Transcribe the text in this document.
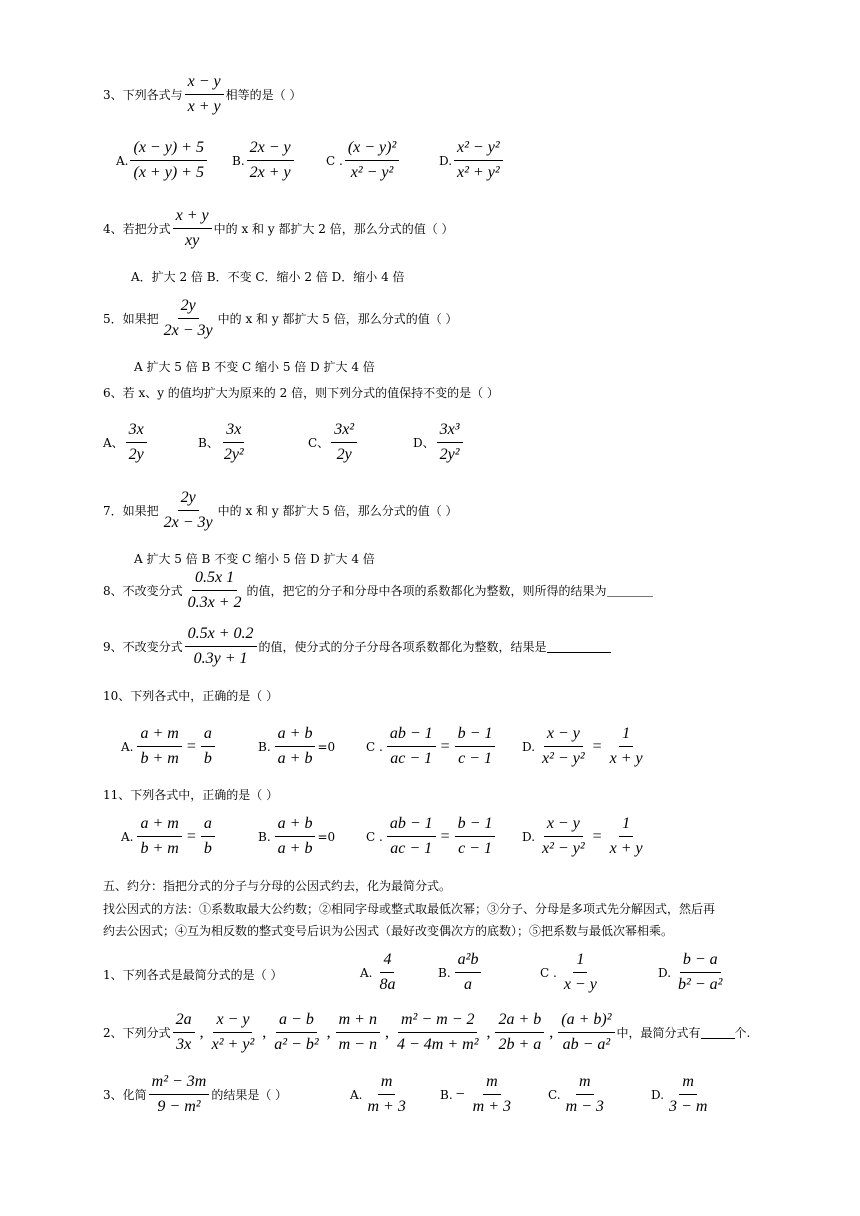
3、下列各式与 $\frac{x - y}{x + y}$ 相等的是（ ）
A. $\frac{(x - y) + 5}{(x + y) + 5} B$. $\frac{2x - y}{2x + y}$	C . $\frac{\text{(x − y)²}}{\text{x² − y²}}$	D. $\frac{\text{x² − y²}}{\text{x² + y²}}$
4、若把分式 $\frac{x + y}{xy}$ 中的 x 和 y 都扩大 2 倍，那么分式的值（ ）
A．扩大 2 倍 B．不变 C．缩小 2 倍 D．缩小 4 倍
5．如果把 $\frac{2y}{2x - 3y}$ 中的 x 和 y 都扩大 5 倍，那么分式的值（ ）
A 扩大 5 倍 B 不变 C 缩小 5 倍 D 扩大 4 倍
6、若 x、y 的值均扩大为原来的 2 倍，则下列分式的值保持不变的是（ ）
A、 $\frac{3x}{2y}$	B、 $\frac{3x}{\text{2y²}}$	C、 $\frac{\text{3x²}}{2y}$	D、 $\frac{\text{3x³}}{\text{2y²}}$
7．如果把 $\frac{2y}{2x - 3y}$ 中的 x 和 y 都扩大 5 倍，那么分式的值（ ）
A 扩大 5 倍 B 不变 C 缩小 5 倍 D 扩大 4 倍
8、不改变分式 $\frac{0.5x 1}{0.3x + 2}$ 的值，把它的分子和分母中各项的系数都化为整数，则所得的结果为
9、不改变分式 $\frac{0.5x + 0.2}{0.3y + 1}$ 的值，使分式的分子分母各项系数都化为整数，结果是
10、下列各式中，正确的是（ ）
A. $\frac{a + m}{b + m} = \frac{a}{b}$	B. $\frac{a + b}{a + b} =0$	C . $\frac{ab - 1}{ac - 1} = \frac{b - 1}{c - 1} D$. $\frac{x - y}{\text{x² − y²}} = \frac{1}{x + y}$
11、下列各式中，正确的是（ ）
A. $\frac{a + m}{b + m} = \frac{a}{b}$	B. $\frac{a + b}{a + b} =0$	C . $\frac{ab - 1}{ac - 1} = \frac{b - 1}{c - 1} D$. $\frac{x - y}{\text{x² − y²}} = \frac{1}{x + y}$
五、约分：指把分式的分子与分母的公因式约去，化为最简分式。
找公因式的方法：①系数取最大公约数；②相同字母或整式取最低次幂；③分子、分母是多项式先分解因式，然后再
约去公因式；④互为相反数的整式变号后识为公因式（最好改变偶次方的底数）；⑤把系数与最低次幂相乘。
1、下列各式是最简分式的是（ ）	A. $\frac{4}{8a}$	B. $\frac{\text{a²b}}{a}$	C . $\frac{1}{x - y}$	D. $\frac{b - a}{\text{b² − a²}}$
2、下列分式 $\frac{2a}{3x}$ , $\frac{x - y}{\text{x² + y²}}$ , $\frac{a - b}{\text{a² − b²}}$ , $\frac{m + n}{m - n}$ , $\frac{\text{m² − m − 2}}{\text{4 − 4m + m²}}$ , $\frac{2a + b}{2b + a}$ , $\frac{\text{(a + b)²}}{\text{ab − a²}}$ 中，最简分式有	个.
3、化简 $\frac{\text{m² − 3m}}{\text{9 − m²}}$ 的结果是（ ）	A. $\frac{m}{m + 3}$	B. − $\frac{m}{m + 3}$	C. $\frac{m}{m - 3}$	D. $\frac{m}{3 - m}$
